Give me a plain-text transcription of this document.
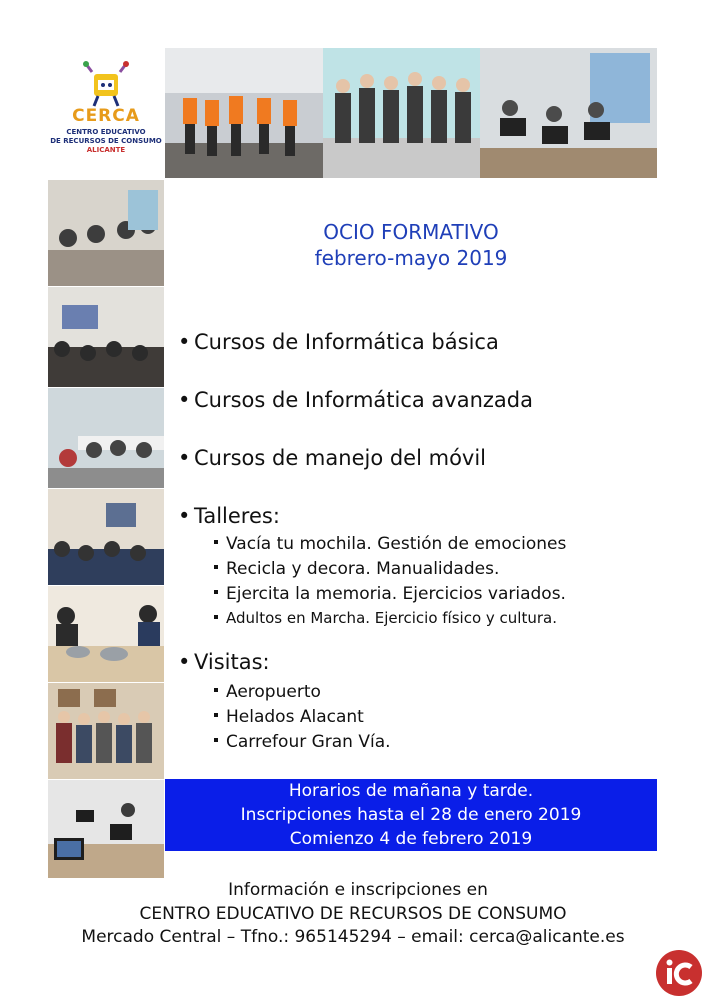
CERCA
CENTRO EDUCATIVO
DE RECURSOS DE CONSUMO
ALICANTE
OCIO FORMATIVO
febrero-mayo 2019
• Cursos de Informática básica
• Cursos de Informática avanzada
• Cursos de manejo del móvil
• Talleres:
Vacía tu mochila. Gestión de emociones
Recicla y decora. Manualidades.
Ejercita la memoria. Ejercicios variados.
Adultos en Marcha. Ejercicio físico y cultura.
• Visitas:
Aeropuerto
Helados Alacant
Carrefour Gran Vía.
Horarios de mañana y tarde.
Inscripciones hasta el 28 de enero 2019
Comienzo 4 de febrero 2019
Información e inscripciones en
CENTRO EDUCATIVO DE RECURSOS DE CONSUMO
Mercado Central – Tfno.: 965145294 – email: cerca@alicante.es
